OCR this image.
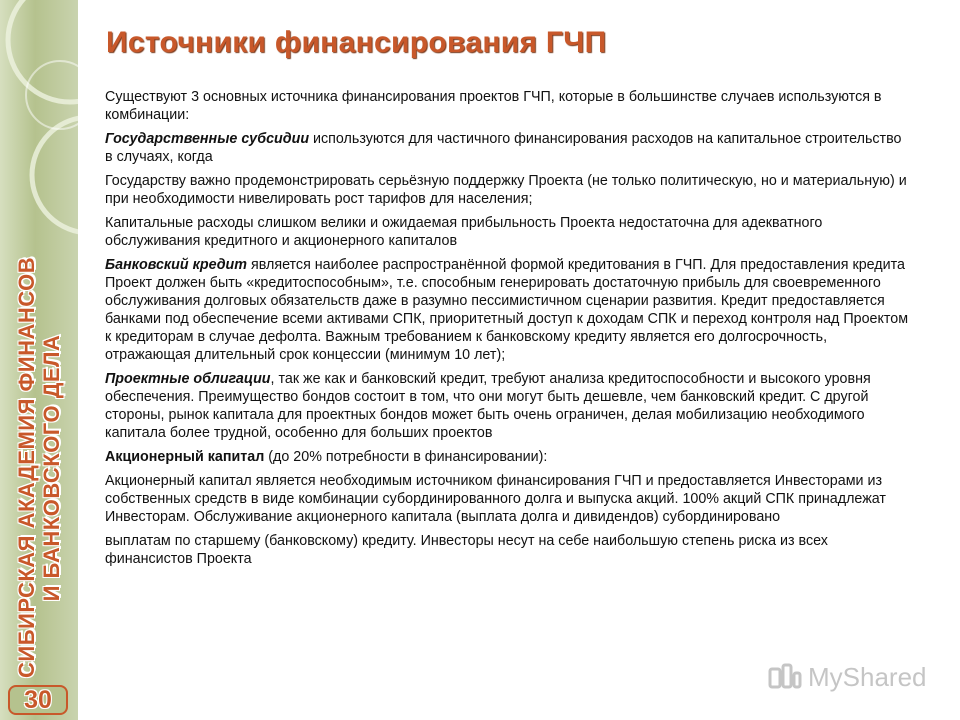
СИБИРСКАЯ АКАДЕМИЯ ФИНАНСОВ И БАНКОВСКОГО ДЕЛА
30
Источники финансирования ГЧП

Существуют 3 основных источника финансирования проектов ГЧП, которые в большинстве случаев используются в комбинации:

Государственные субсидии используются для частичного финансирования расходов на капитальное строительство в случаях, когда

Государству важно продемонстрировать серьёзную поддержку Проекта (не только политическую, но и материальную) и при необходимости нивелировать рост тарифов для населения;

Капитальные расходы слишком велики и ожидаемая прибыльность Проекта недостаточна для адекватного обслуживания кредитного и акционерного капиталов

Банковский кредит является наиболее распространённой формой кредитования в ГЧП. Для предоставления кредита Проект должен быть «кредитоспособным», т.е. способным генерировать достаточную прибыль для своевременного обслуживания долговых обязательств даже в разумно пессимистичном сценарии развития. Кредит предоставляется банками под обеспечение всеми активами СПК, приоритетный доступ к доходам СПК и переход контроля над Проектом к кредиторам в случае дефолта. Важным требованием к банковскому кредиту является его долгосрочность, отражающая длительный срок концессии (минимум 10 лет);

Проектные облигации, так же как и банковский кредит, требуют анализа кредитоспособности и высокого уровня обеспечения. Преимущество бондов состоит в том, что они могут быть дешевле, чем банковский кредит. С другой стороны, рынок капитала для проектных бондов может быть очень ограничен, делая мобилизацию необходимого капитала более трудной, особенно для больших проектов

Акционерный капитал (до 20% потребности в финансировании):

Акционерный капитал является необходимым источником финансирования ГЧП и предоставляется Инвесторами из собственных средств в виде комбинации субординированного долга и выпуска акций. 100% акций СПК принадлежат Инвесторам. Обслуживание акционерного капитала (выплата долга и дивидендов) субординировано

выплатам по старшему (банковскому) кредиту. Инвесторы несут на себе наибольшую степень риска из всех финансистов Проекта

MyShared
